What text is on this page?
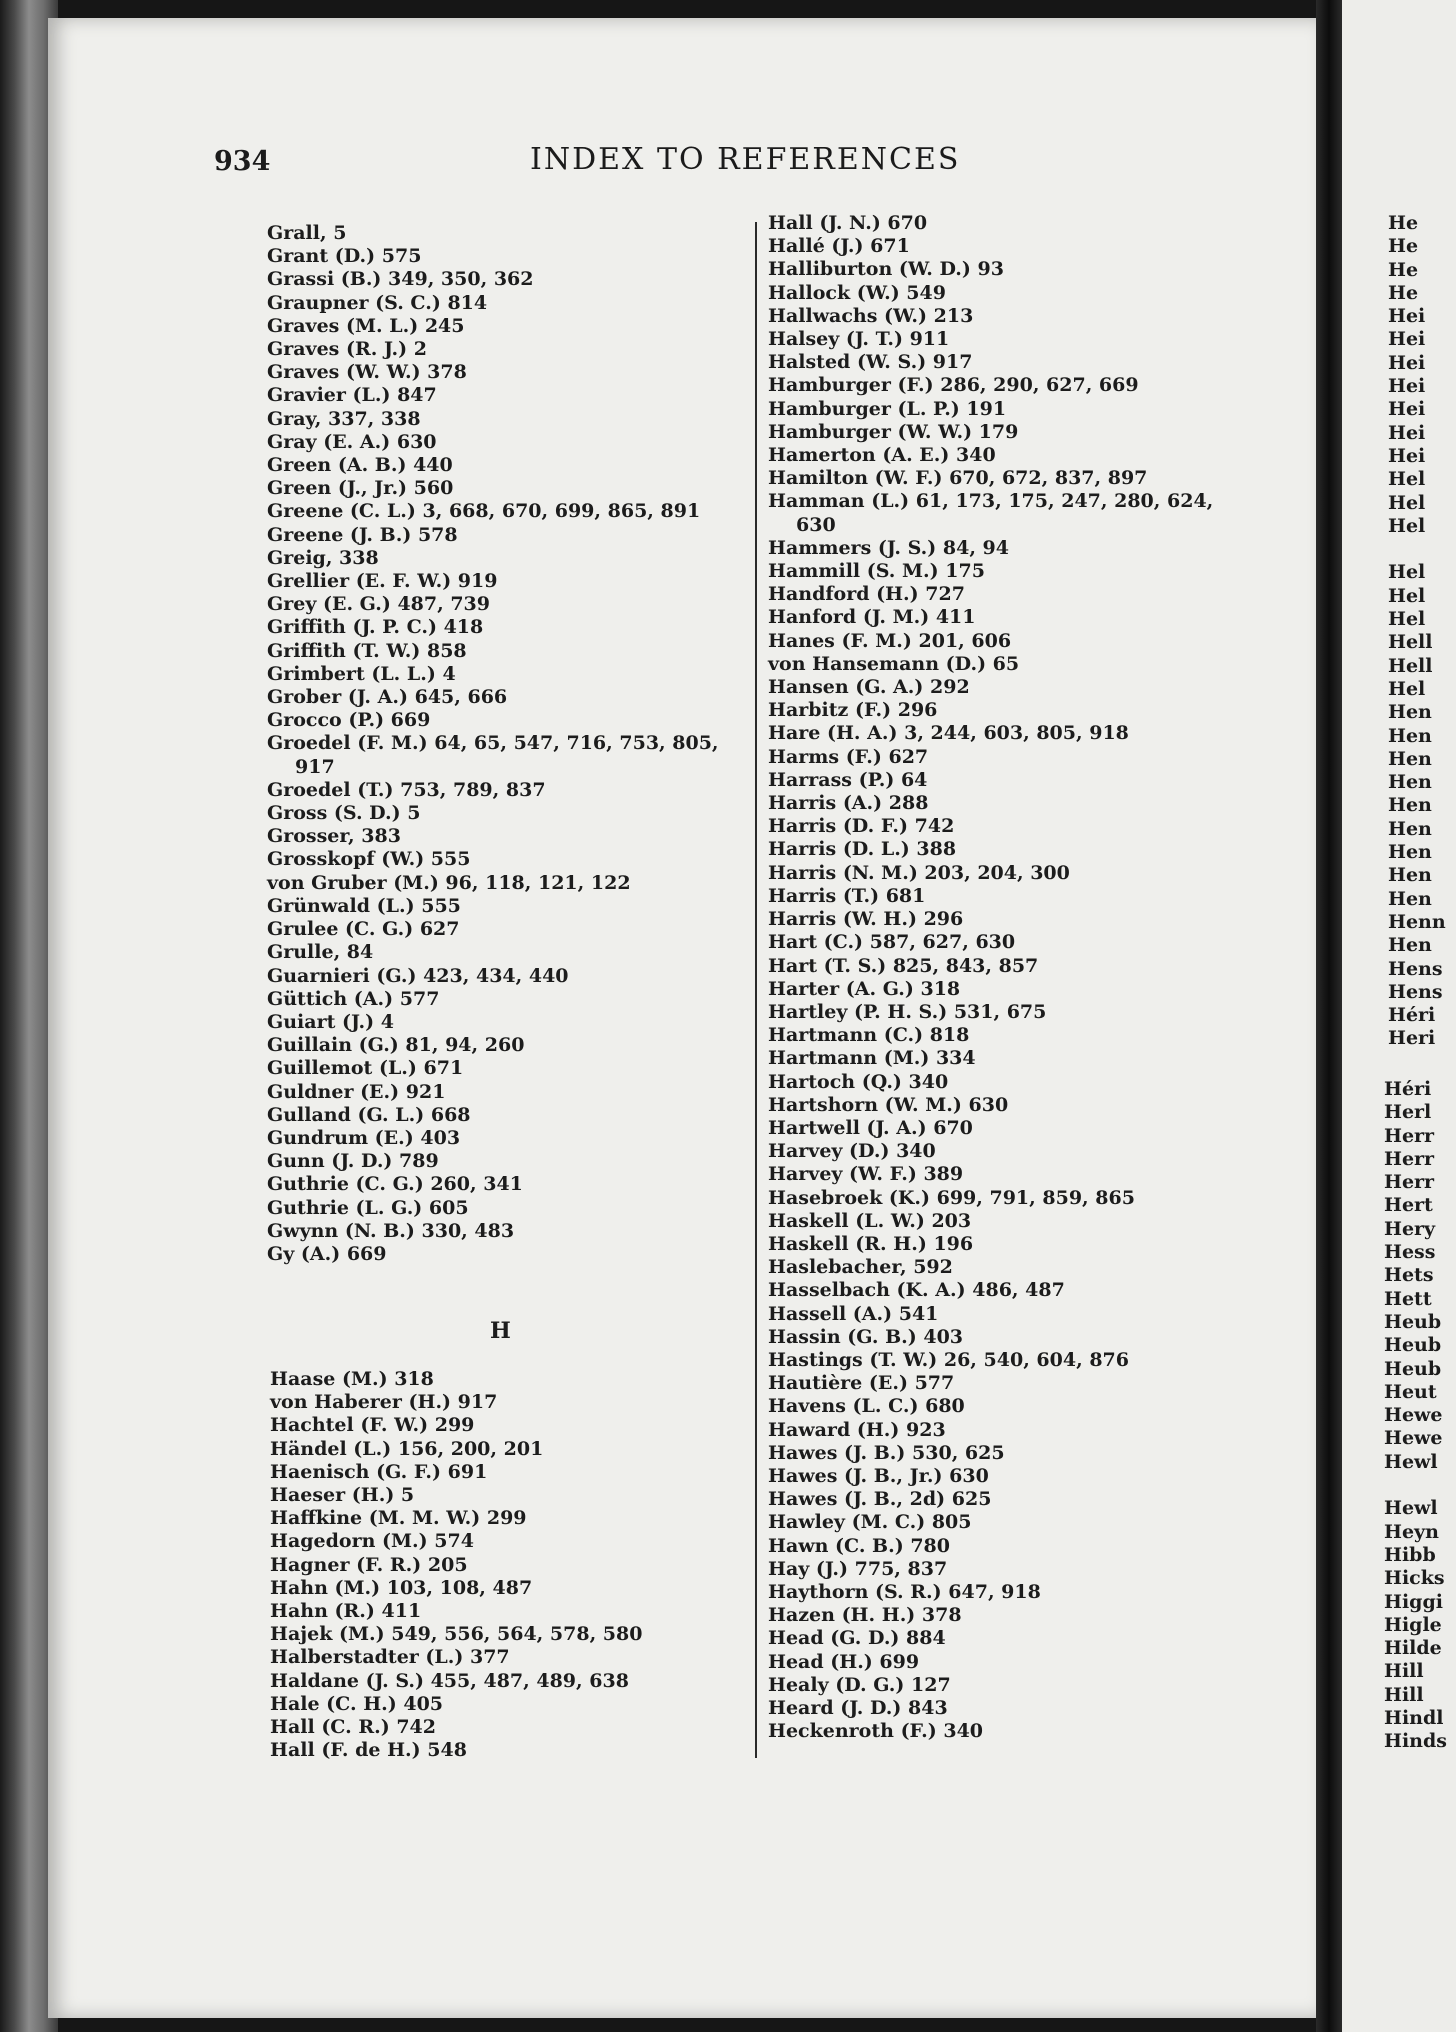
934	INDEX TO REFERENCES
Grall, 5
Grant (D.) 575
Grassi (B.) 349, 350, 362
Graupner (S. C.) 814
Graves (M. L.) 245
Graves (R. J.) 2
Graves (W. W.) 378
Gravier (L.) 847
Gray, 337, 338
Gray (E. A.) 630
Green (A. B.) 440
Green (J., Jr.) 560
Greene (C. L.) 3, 668, 670, 699, 865, 891
Greene (J. B.) 578
Greig, 338
Grellier (E. F. W.) 919
Grey (E. G.) 487, 739
Griffith (J. P. C.) 418
Griffith (T. W.) 858
Grimbert (L. L.) 4
Grober (J. A.) 645, 666
Grocco (P.) 669
Groedel (F. M.) 64, 65, 547, 716, 753, 805,
917
Groedel (T.) 753, 789, 837
Gross (S. D.) 5
Grosser, 383
Grosskopf (W.) 555
von Gruber (M.) 96, 118, 121, 122
Grünwald (L.) 555
Grulee (C. G.) 627
Grulle, 84
Guarnieri (G.) 423, 434, 440
Güttich (A.) 577
Guiart (J.) 4
Guillain (G.) 81, 94, 260
Guillemot (L.) 671
Guldner (E.) 921
Gulland (G. L.) 668
Gundrum (E.) 403
Gunn (J. D.) 789
Guthrie (C. G.) 260, 341
Guthrie (L. G.) 605
Gwynn (N. B.) 330, 483
Gy (A.) 669
H
Haase (M.) 318
von Haberer (H.) 917
Hachtel (F. W.) 299
Händel (L.) 156, 200, 201
Haenisch (G. F.) 691
Haeser (H.) 5
Haffkine (M. M. W.) 299
Hagedorn (M.) 574
Hagner (F. R.) 205
Hahn (M.) 103, 108, 487
Hahn (R.) 411
Hajek (M.) 549, 556, 564, 578, 580
Halberstadter (L.) 377
Haldane (J. S.) 455, 487, 489, 638
Hale (C. H.) 405
Hall (C. R.) 742
Hall (F. de H.) 548
Hall (J. N.) 670
Hallé (J.) 671
Halliburton (W. D.) 93
Hallock (W.) 549
Hallwachs (W.) 213
Halsey (J. T.) 911
Halsted (W. S.) 917
Hamburger (F.) 286, 290, 627, 669
Hamburger (L. P.) 191
Hamburger (W. W.) 179
Hamerton (A. E.) 340
Hamilton (W. F.) 670, 672, 837, 897
Hamman (L.) 61, 173, 175, 247, 280, 624,
630
Hammers (J. S.) 84, 94
Hammill (S. M.) 175
Handford (H.) 727
Hanford (J. M.) 411
Hanes (F. M.) 201, 606
von Hansemann (D.) 65
Hansen (G. A.) 292
Harbitz (F.) 296
Hare (H. A.) 3, 244, 603, 805, 918
Harms (F.) 627
Harrass (P.) 64
Harris (A.) 288
Harris (D. F.) 742
Harris (D. L.) 388
Harris (N. M.) 203, 204, 300
Harris (T.) 681
Harris (W. H.) 296
Hart (C.) 587, 627, 630
Hart (T. S.) 825, 843, 857
Harter (A. G.) 318
Hartley (P. H. S.) 531, 675
Hartmann (C.) 818
Hartmann (M.) 334
Hartoch (Q.) 340
Hartshorn (W. M.) 630
Hartwell (J. A.) 670
Harvey (D.) 340
Harvey (W. F.) 389
Hasebroek (K.) 699, 791, 859, 865
Haskell (L. W.) 203
Haskell (R. H.) 196
Haslebacher, 592
Hasselbach (K. A.) 486, 487
Hassell (A.) 541
Hassin (G. B.) 403
Hastings (T. W.) 26, 540, 604, 876
Hautière (E.) 577
Havens (L. C.) 680
Haward (H.) 923
Hawes (J. B.) 530, 625
Hawes (J. B., Jr.) 630
Hawes (J. B., 2d) 625
Hawley (M. C.) 805
Hawn (C. B.) 780
Hay (J.) 775, 837
Haythorn (S. R.) 647, 918
Hazen (H. H.) 378
Head (G. D.) 884
Head (H.) 699
Healy (D. G.) 127
Heard (J. D.) 843
Heckenroth (F.) 340
He
He
He
He
Hei
Hei
Hei
Hei
Hei
Hei
Hei
Hel
Hel
Hel
Hel
Hel
Hel
Hell
Hell
Hel
Hen
Hen
Hen
Hen
Hen
Hen
Hen
Hen
Hen
Henn
Hen
Hens
Hens
Héri
Heri
Héri
Herl
Herr
Herr
Herr
Hert
Hery
Hess
Hets
Hett
Heub
Heub
Heub
Heut
Hewe
Hewe
Hewl
Hewl
Heyn
Hibb
Hicks
Higgi
Higle
Hilde
Hill
Hill
Hindl
Hinds
